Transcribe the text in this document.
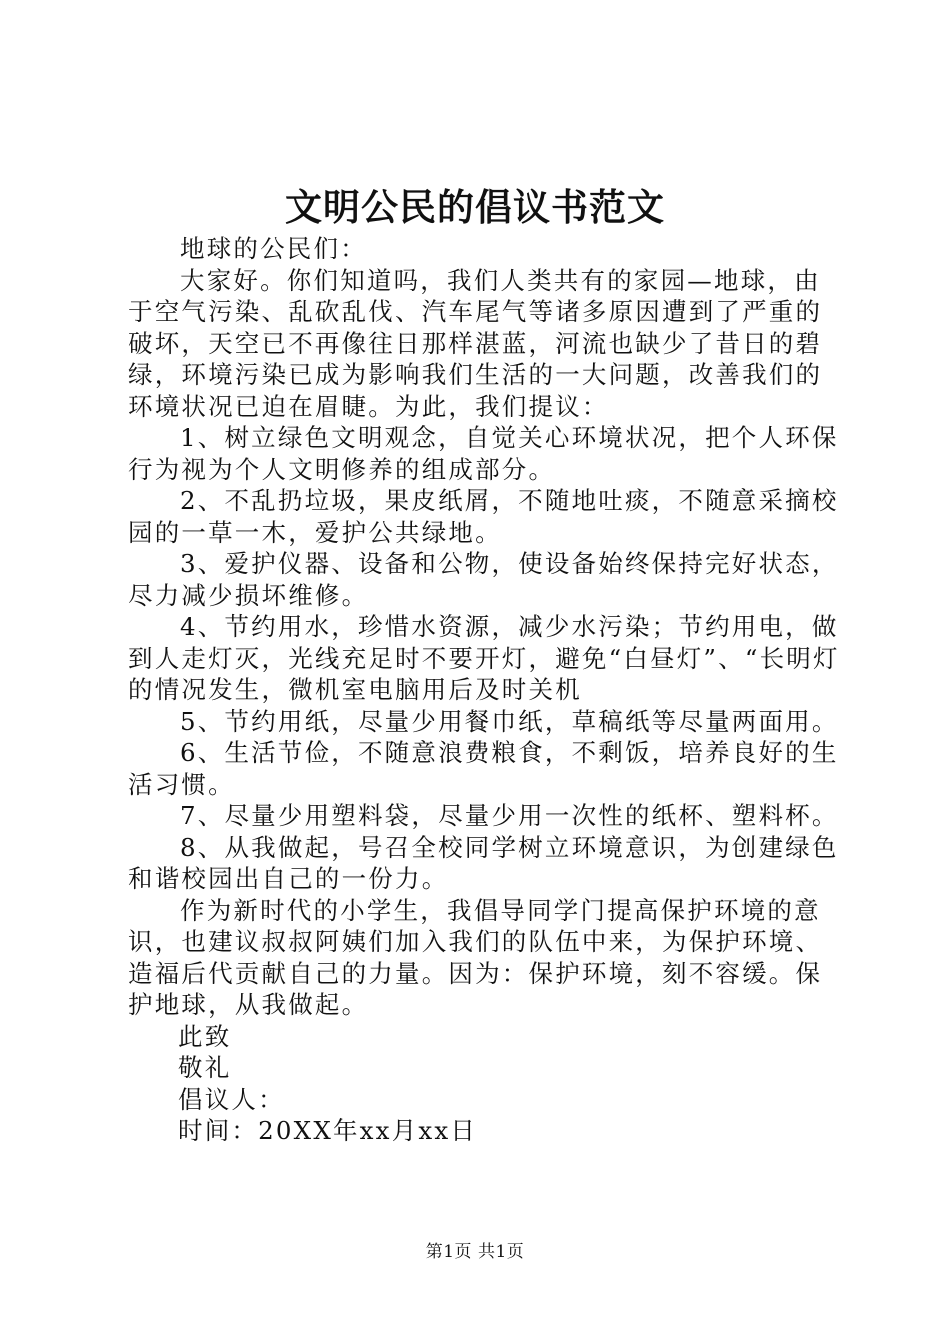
文明公民的倡议书范文

地球的公民们：

大家好。你们知道吗，我们人类共有的家园—地球，由于空气污染、乱砍乱伐、汽车尾气等诸多原因遭到了严重的破坏，天空已不再像往日那样湛蓝，河流也缺少了昔日的碧绿，环境污染已成为影响我们生活的一大问题，改善我们的环境状况已迫在眉睫。为此，我们提议：

1、树立绿色文明观念，自觉关心环境状况，把个人环保行为视为个人文明修养的组成部分。

2、不乱扔垃圾，果皮纸屑，不随地吐痰，不随意采摘校园的一草一木，爱护公共绿地。

3、爱护仪器、设备和公物，使设备始终保持完好状态，尽力减少损坏维修。

4、节约用水，珍惜水资源，减少水污染；节约用电，做到人走灯灭，光线充足时不要开灯，避免“白昼灯”、“长明灯的情况发生，微机室电脑用后及时关机

5、节约用纸，尽量少用餐巾纸，草稿纸等尽量两面用。

6、生活节俭，不随意浪费粮食，不剩饭，培养良好的生活习惯。

7、尽量少用塑料袋，尽量少用一次性的纸杯、塑料杯。

8、从我做起，号召全校同学树立环境意识，为创建绿色和谐校园出自己的一份力。

作为新时代的小学生，我倡导同学门提高保护环境的意识，也建议叔叔阿姨们加入我们的队伍中来，为保护环境、造福后代贡献自己的力量。因为：保护环境，刻不容缓。保护地球，从我做起。

此致

敬礼

倡议人：

时间：20XX年xx月xx日

第1页 共1页
